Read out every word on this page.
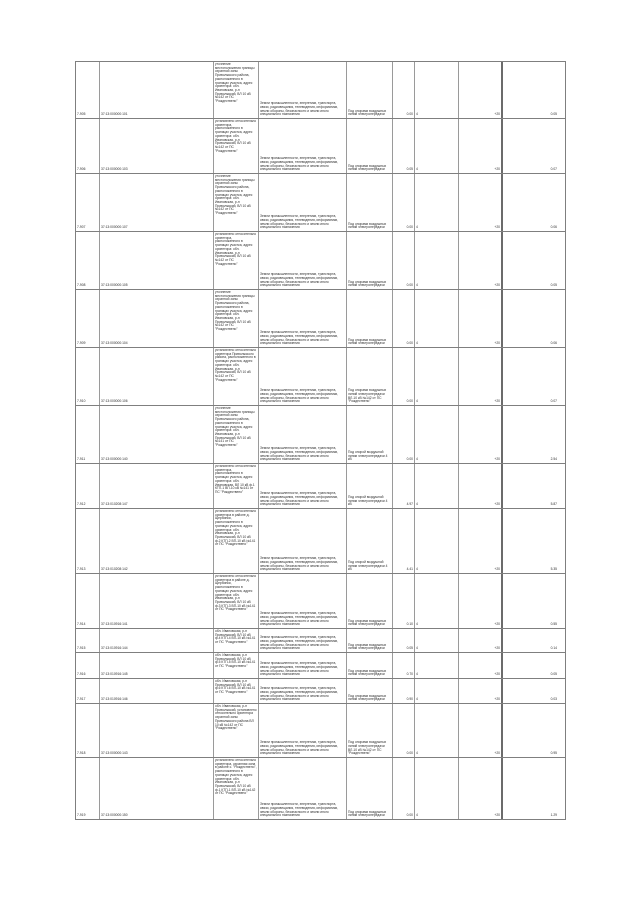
7-905	37:13:000000:101
уточнение местоположения границы охранной зоны Приволжского района, расположенного в границах участка, адрес ориентира: обл. Ивановская, р-н Приволжский, ВЛ 10 кВ №142 от ПС "Рождествено"
Земли промышленности, энергетики, транспорта, связи, радиовещания, телевидения, информатики, земли обороны, безопасности и земли иного специального назначения
Под опорами воздушных линий электропередачи	0.00 4	+20	0.05
7-906	37:13:000000:103
установлено относительно ориентира, расположенного в границах участка, адрес ориентира: обл. Ивановская, р-н Приволжский, ВЛ 10 кВ №142 от ПС "Рождествено"
Земли промышленности, энергетики, транспорта, связи, радиовещания, телевидения, информатики, земли обороны, безопасности и земли иного специального назначения
Под опорами воздушных линий электропередачи	0.05 4	+20	0.07
7-907	37:13:000000:107
уточнение местоположения границы охранной зоны Приволжского района, расположенного в границах участка, адрес ориентира: обл. Ивановская, р-н Приволжский, ВЛ 10 кВ №142 от ПС "Рождествено"
Земли промышленности, энергетики, транспорта, связи, радиовещания, телевидения, информатики, земли обороны, безопасности и земли иного специального назначения
Под опорами воздушных линий электропередачи	0.00 4	+20	0.06
7-908	37:13:000000:105
установлено относительно ориентира, расположенного в границах участка, адрес ориентира: обл. Ивановская, р-н Приволжский, ВЛ 10 кВ №142 от ПС "Рождествено"
Земли промышленности, энергетики, транспорта, связи, радиовещания, телевидения, информатики, земли обороны, безопасности и земли иного специального назначения
Под опорами воздушных линий электропередачи	0.00 4	+20	0.05
7-909	37:13:000000:104
уточнение местоположения границы охранной зоны Приволжского района, расположенного в границах участка, адрес ориентира: обл. Ивановская, р-н Приволжский, ВЛ 10 кВ №142 от ПС "Рождествено"
Земли промышленности, энергетики, транспорта, связи, радиовещания, телевидения, информатики, земли обороны, безопасности и земли иного специального назначения
Под опорами воздушных линий электропередачи	0.00 4	+20	0.06
7-910	37:13:000000:106
установлено относительно ориентира Приволжского района, расположенного в границах участка, адрес ориентира: обл. Ивановская, р-н Приволжский, ВЛ 10 кВ №142 от ПС "Рождествено"
Земли промышленности, энергетики, транспорта, связи, радиовещания, телевидения, информатики, земли обороны, безопасности и земли иного специального назначения
Под опорами воздушных линий электропередачи ВЛ-10 кВ №142 от ПС "Рождествено"	0.00 4	+20	0.07
7-911	37:13:000000:140
уточнение местоположения границы охранной зоны Приволжского района, расположенного в границах участка, адрес ориентира: обл. Ивановская, р-н Приволжский, ВЛ 10 кВ №141 от ПС "Рождествено"
Земли промышленности, энергетики, транспорта, связи, радиовещания, телевидения, информатики, земли обороны, безопасности и земли иного специального назначения
Под опорой воздушной линии электропередачи 4 кВ	0.00 4	+20	2.54
7-912	37:13:010208:147
установлено относительно ориентира, расположенного в границах участка, адрес ориентира: обл. Ивановская, ВЛ 10 кВ ф.1 КТП-1 ВП-10 кВ №141 от ПС "Рождествено"	Земли промышленности, энергетики, транспорта, связи, радиовещания, телевидения, информатики, земли обороны, безопасности и земли иного специального назначения
Под опорой воздушной линии электропередачи 4 кВ	4.97 4	+20	5.87
7-913	37:13:010208:142
установлено относительно ориентира в районе д. Щербинки, расположенного в границах участка, адрес ориентира: обл. Ивановская, р-н Приволжский, ВЛ 10 кВ ф.2 КТП-2 ВП-10 кВ №141 от ПС "Рождествено"
Земли промышленности, энергетики, транспорта, связи, радиовещания, телевидения, информатики, земли обороны, безопасности и земли иного специального назначения
Под опорой воздушной линии электропередачи 4 кВ	4.41 4	+20	5.35
7-914	37:13:010916:141
установлено относительно ориентира в районе д. Щербинки, расположенного в границах участка, адрес ориентира: обл. Ивановская, р-н Приволжский, ВЛ 10 кВ ф.3 КТП-3 ВП-10 кВ №141 от ПС "Рождествено"
Земли промышленности, энергетики, транспорта, связи, радиовещания, телевидения, информатики, земли обороны, безопасности и земли иного специального назначения
Под опорами воздушных линий электропередачи	0.10 4	+20	0.55
7-915	37:13:010916:144
обл. Ивановская, р-н Приволжский, ВЛ 10 кВ ф.4 КТП-4 ВП-10 кВ №141 от ПС "Рождествено"
Земли промышленности, энергетики, транспорта, связи, радиовещания, телевидения, информатики, земли обороны, безопасности и земли иного специального назначения
Под опорами воздушных линий электропередачи	0.05 4	+20	0.14
7-916	37:13:010916:145
обл. Ивановская, р-н Приволжский, ВЛ 10 кВ ф.5 КТП-5 ВП-10 кВ №141 от ПС "Рождествено"
Земли промышленности, энергетики, транспорта, связи, радиовещания, телевидения, информатики, земли обороны, безопасности и земли иного специального назначения
Под опорами воздушных линий электропередачи	0.70 4	+20	0.05
7-917	37:13:010916:146
обл. Ивановская, р-н Приволжский, ВЛ 10 кВ ф.6 КТП-6 ВП-10 кВ №141 от ПС "Рождествено"
Земли промышленности, энергетики, транспорта, связи, радиовещания, телевидения, информатики, земли обороны, безопасности и земли иного специального назначения
Под опорами воздушных линий электропередачи	0.90 4	+20	0.03
7-918	37:13:000000:143
обл. Ивановская, р-н Приволжский, установлено относительно ориентира охранной зоны Приволжского района ВЛ 10 кВ №142 от ПС "Рождествено"
Земли промышленности, энергетики, транспорта, связи, радиовещания, телевидения, информатики, земли обороны, безопасности и земли иного специального назначения
Под опорами воздушных линий электропередачи ВЛ-10 кВ №142 от ПС "Рождествено"	0.00 4	+20	0.95
7-919	37:13:000000:150
установлено относительно ориентира, охранная зона в районе с. "Рождествено", расположенного в границах участка, адрес ориентира: обл. Ивановская, р-н Приволжский, ВЛ 10 кВ ф.1 КТП-1 ВП-10 кВ №142 от ПС "Рождествено"
Земли промышленности, энергетики, транспорта, связи, радиовещания, телевидения, информатики, земли обороны, безопасности и земли иного специального назначения
Под опорами воздушных линий электропередачи	0.00 4	+20	1.29
